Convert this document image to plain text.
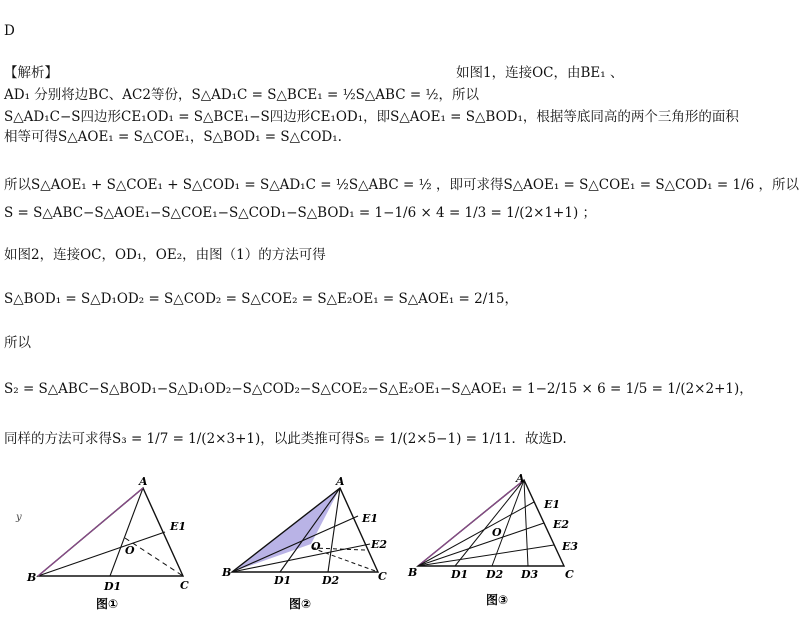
D
【解析】	如图1，连接OC，由BE₁ 、
AD₁ 分别将边BC、AC2等份，S△AD₁C = S△BCE₁ = ½S△ABC = ½，所以
S△AD₁C−S四边形CE₁OD₁ = S△BCE₁−S四边形CE₁OD₁，即S△AOE₁ = S△BOD₁，根据等底同高的两个三角形的面积
相等可得S△AOE₁ = S△COE₁，S△BOD₁ = S△COD₁.
所以S△AOE₁ + S△COE₁ + S△COD₁ = S△AD₁C = ½S△ABC = ½ ，即可求得S△AOE₁ = S△COE₁ = S△COD₁ = 1/6 ，所以
S = S△ABC−S△AOE₁−S△COE₁−S△COD₁−S△BOD₁ = 1−1/6 × 4 = 1/3 = 1/(2×1+1) ；
如图2，连接OC，OD₁，OE₂，由图（1）的方法可得
S△BOD₁ = S△D₁OD₂ = S△COD₂ = S△COE₂ = S△E₂OE₁ = S△AOE₁ = 2/15，
所以
S₂ = S△ABC−S△BOD₁−S△D₁OD₂−S△COD₂−S△COE₂−S△E₂OE₁−S△AOE₁ = 1−2/15 × 6 = 1/5 = 1/(2×2+1)，
同样的方法可求得S₃ = 1/7 = 1/(2×3+1)，以此类推可得S₅ = 1/(2×5−1) = 1/11．故选D.
y
A
B
C
D1
E1
O
A
B	C
D1	D2
E1
E2
O
A
B	C
D1 D2 D3
E1
E2
E3
O
图①	图②	图③
